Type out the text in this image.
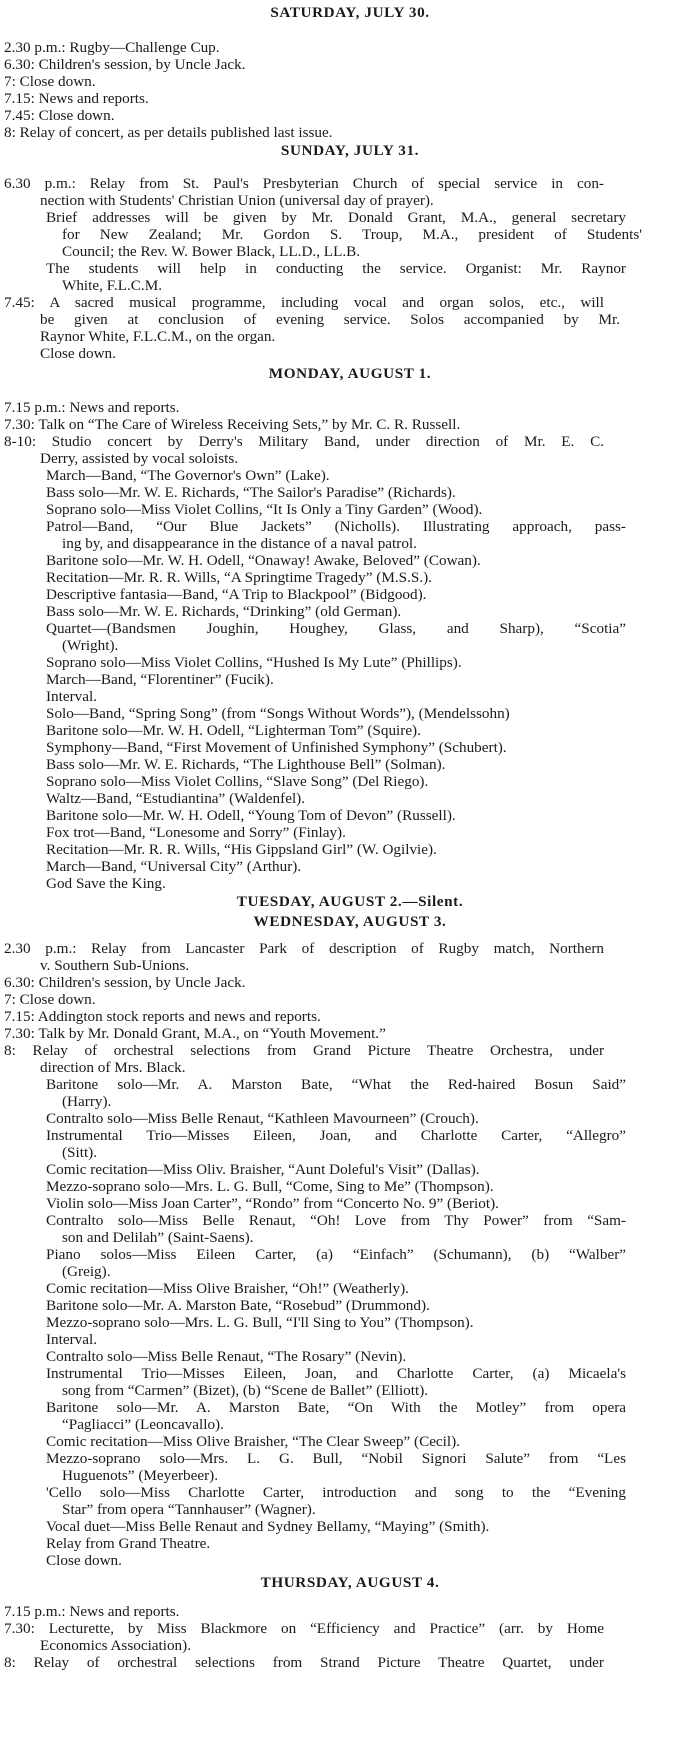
SATURDAY, JULY 30.
2.30 p.m.: Rugby—Challenge Cup.
6.30: Children's session, by Uncle Jack.
7: Close down.
7.15: News and reports.
7.45: Close down.
8: Relay of concert, as per details published last issue.
SUNDAY, JULY 31.
6.30 p.m.: Relay from St. Paul's Presbyterian Church of special service in con-
nection with Students' Christian Union (universal day of prayer).
Brief addresses will be given by Mr. Donald Grant, M.A., general secretary
for New Zealand; Mr. Gordon S. Troup, M.A., president of Students'
Council; the Rev. W. Bower Black, LL.D., LL.B.
The students will help in conducting the service. Organist: Mr. Raynor
White, F.L.C.M.
7.45: A sacred musical programme, including vocal and organ solos, etc., will
be given at conclusion of evening service. Solos accompanied by Mr.
Raynor White, F.L.C.M., on the organ.
Close down.
MONDAY, AUGUST 1.
7.15 p.m.: News and reports.
7.30: Talk on “The Care of Wireless Receiving Sets,” by Mr. C. R. Russell.
8-10: Studio concert by Derry's Military Band, under direction of Mr. E. C.
Derry, assisted by vocal soloists.
March—Band, “The Governor's Own” (Lake).
Bass solo—Mr. W. E. Richards, “The Sailor's Paradise” (Richards).
Soprano solo—Miss Violet Collins, “It Is Only a Tiny Garden” (Wood).
Patrol—Band, “Our Blue Jackets” (Nicholls). Illustrating approach, pass-
ing by, and disappearance in the distance of a naval patrol.
Baritone solo—Mr. W. H. Odell, “Onaway! Awake, Beloved” (Cowan).
Recitation—Mr. R. R. Wills, “A Springtime Tragedy” (M.S.S.).
Descriptive fantasia—Band, “A Trip to Blackpool” (Bidgood).
Bass solo—Mr. W. E. Richards, “Drinking” (old German).
Quartet—(Bandsmen Joughin, Houghey, Glass, and Sharp), “Scotia”
(Wright).
Soprano solo—Miss Violet Collins, “Hushed Is My Lute” (Phillips).
March—Band, “Florentiner” (Fucik).
Interval.
Solo—Band, “Spring Song” (from “Songs Without Words”), (Mendelssohn)
Baritone solo—Mr. W. H. Odell, “Lighterman Tom” (Squire).
Symphony—Band, “First Movement of Unfinished Symphony” (Schubert).
Bass solo—Mr. W. E. Richards, “The Lighthouse Bell” (Solman).
Soprano solo—Miss Violet Collins, “Slave Song” (Del Riego).
Waltz—Band, “Estudiantina” (Waldenfel).
Baritone solo—Mr. W. H. Odell, “Young Tom of Devon” (Russell).
Fox trot—Band, “Lonesome and Sorry” (Finlay).
Recitation—Mr. R. R. Wills, “His Gippsland Girl” (W. Ogilvie).
March—Band, “Universal City” (Arthur).
God Save the King.
TUESDAY, AUGUST 2.—Silent.
WEDNESDAY, AUGUST 3.
2.30 p.m.: Relay from Lancaster Park of description of Rugby match, Northern
v. Southern Sub-Unions.
6.30: Children's session, by Uncle Jack.
7: Close down.
7.15: Addington stock reports and news and reports.
7.30: Talk by Mr. Donald Grant, M.A., on “Youth Movement.”
8: Relay of orchestral selections from Grand Picture Theatre Orchestra, under
direction of Mrs. Black.
Baritone solo—Mr. A. Marston Bate, “What the Red-haired Bosun Said”
(Harry).
Contralto solo—Miss Belle Renaut, “Kathleen Mavourneen” (Crouch).
Instrumental Trio—Misses Eileen, Joan, and Charlotte Carter, “Allegro”
(Sitt).
Comic recitation—Miss Oliv. Braisher, “Aunt Doleful's Visit” (Dallas).
Mezzo-soprano solo—Mrs. L. G. Bull, “Come, Sing to Me” (Thompson).
Violin solo—Miss Joan Carter”, “Rondo” from “Concerto No. 9” (Beriot).
Contralto solo—Miss Belle Renaut, “Oh! Love from Thy Power” from “Sam-
son and Delilah” (Saint-Saens).
Piano solos—Miss Eileen Carter, (a) “Einfach” (Schumann), (b) “Walber”
(Greig).
Comic recitation—Miss Olive Braisher, “Oh!” (Weatherly).
Baritone solo—Mr. A. Marston Bate, “Rosebud” (Drummond).
Mezzo-soprano solo—Mrs. L. G. Bull, “I'll Sing to You” (Thompson).
Interval.
Contralto solo—Miss Belle Renaut, “The Rosary” (Nevin).
Instrumental Trio—Misses Eileen, Joan, and Charlotte Carter, (a) Micaela's
song from “Carmen” (Bizet), (b) “Scene de Ballet” (Elliott).
Baritone solo—Mr. A. Marston Bate, “On With the Motley” from opera
“Pagliacci” (Leoncavallo).
Comic recitation—Miss Olive Braisher, “The Clear Sweep” (Cecil).
Mezzo-soprano solo—Mrs. L. G. Bull, “Nobil Signori Salute” from “Les
Huguenots” (Meyerbeer).
'Cello solo—Miss Charlotte Carter, introduction and song to the “Evening
Star” from opera “Tannhauser” (Wagner).
Vocal duet—Miss Belle Renaut and Sydney Bellamy, “Maying” (Smith).
Relay from Grand Theatre.
Close down.
THURSDAY, AUGUST 4.
7.15 p.m.: News and reports.
7.30: Lecturette, by Miss Blackmore on “Efficiency and Practice” (arr. by Home
Economics Association).
8: Relay of orchestral selections from Strand Picture Theatre Quartet, under
